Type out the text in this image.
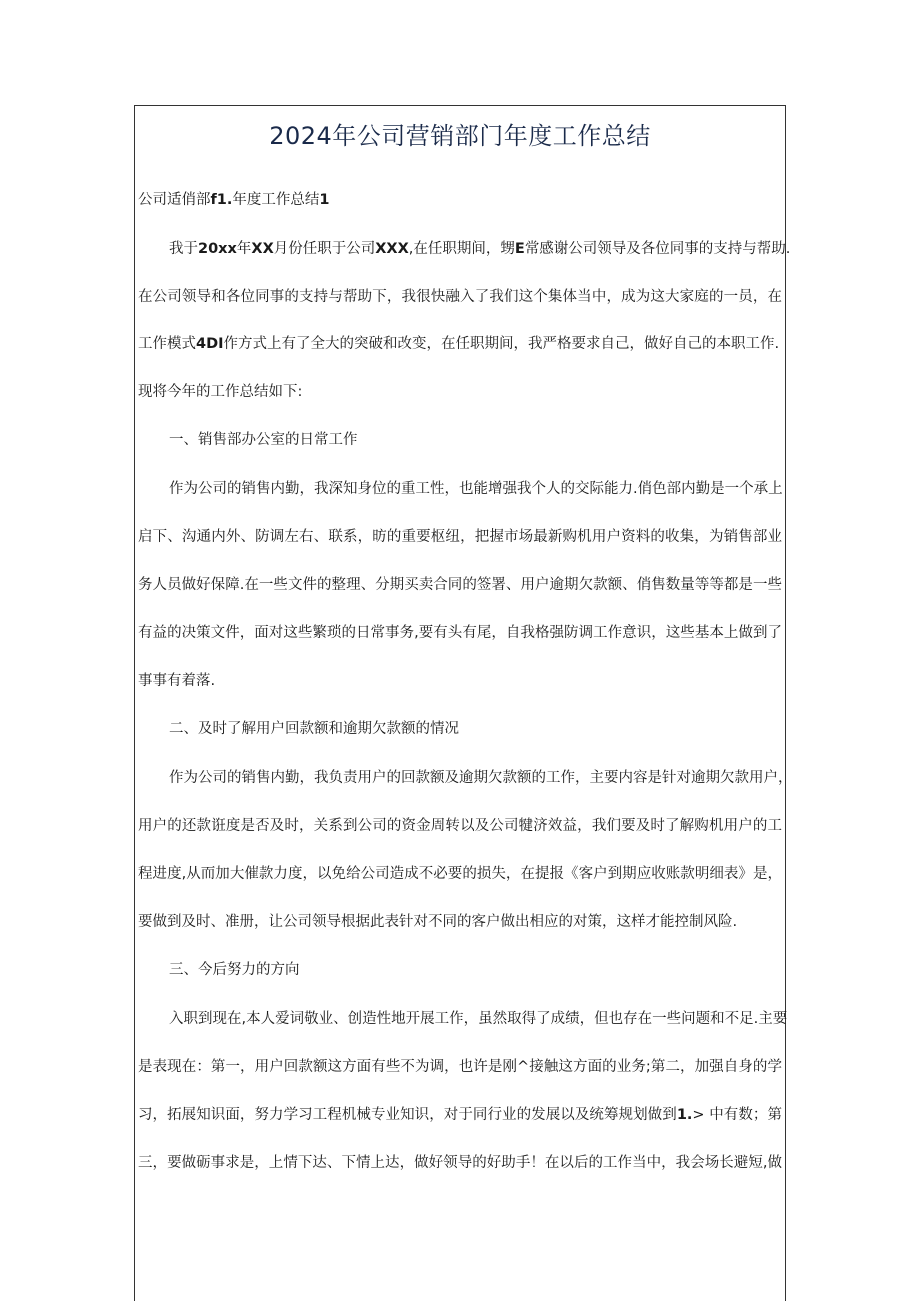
2024年公司营销部门年度工作总结
公司适俏部f1.年度工作总结1
我于20xx年XX月份任职于公司XXX,在任职期间，甥E常感谢公司领导及各位同事的支持与帮助.
在公司领导和各位同事的支持与帮助下，我很快融入了我们这个集体当中，成为这大家庭的一员，在
工作模式4DI作方式上有了全大的突破和改变，在任职期间，我严格要求自己，做好自己的本职工作.
现将今年的工作总结如下:
一、销售部办公室的日常工作
作为公司的销售内勤，我深知身位的重工性，也能增强我个人的交际能力.俏色部内勤是一个承上
启下、沟通内外、防调左右、联系，昉的重要枢纽，把握市场最新购机用户资料的收集，为销售部业
务人员做好保障.在一些文件的整理、分期买卖合同的签署、用户逾期欠款额、俏售数量等等都是一些
有益的决策文件，面对这些繁琐的日常事务,要有头有尾，自我格强防调工作意识，这些基本上做到了
事事有着落.
二、及时了解用户回款额和逾期欠款额的情况
作为公司的销售内勤，我负责用户的回款额及逾期欠款额的工作，主要内容是针对逾期欠款用户，
用户的还款诳度是否及时，关系到公司的资金周转以及公司犍济效益，我们要及时了解购机用户的工
程进度,从而加大催款力度，以免给公司造成不必要的损失，在提报《客户到期应收账款明细表》是，
要做到及时、准册，让公司领导根据此表针对不同的客户做出相应的对策，这样才能控制风险.
三、今后努力的方向
入职到现在,本人爱词敬业、创造性地开展工作，虽然取得了成绩，但也存在一些问题和不足.主要
是表现在：第一，用户回款额这方面有些不为调，也许是刚^接触这方面的业务;第二，加强自身的学
习，拓展知识面，努力学习工程机械专业知识，对于同行业的发展以及统筹规划做到1.> 中有数；第
三，要做砺事求是，上情下达、下情上达，做好领导的好助手！在以后的工作当中，我会场长避短,做
